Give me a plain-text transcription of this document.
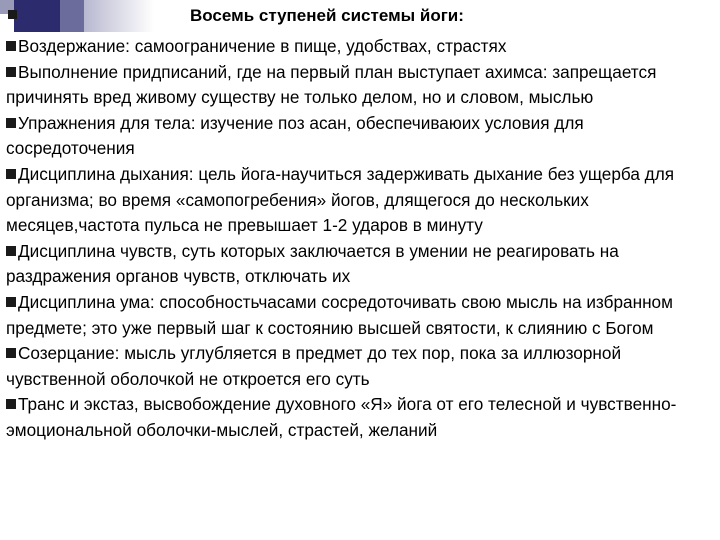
Восемь ступеней системы йоги:
Воздержание: самоограничение в пище, удобствах, страстях
Выполнение придписаний, где на первый план выступает ахимса: запрещается причинять вред живому существу не только делом, но и словом, мыслью
Упражнения для тела: изучение поз асан, обеспечиваюих условия для сосредоточения
Дисциплина дыхания: цель йога-научиться задерживать дыхание без ущерба для организма; во время «самопогребения» йогов, длящегося до нескольких месяцев,частота пульса не превышает 1-2 ударов в минуту
Дисциплина чувств, суть которых заключается в умении не реагировать на раздражения органов чувств, отключать их
Дисциплина ума: способностьчасами сосредоточивать свою мысль на избранном предмете; это уже первый шаг к состоянию высшей святости, к слиянию с Богом
Созерцание: мысль углубляется в предмет до тех пор, пока за иллюзорной чувственной оболочкой не откроется его суть
Транс и экстаз, высвобождение духовного «Я» йога от его телесной и чувственно-эмоциональной оболочки-мыслей, страстей, желаний
